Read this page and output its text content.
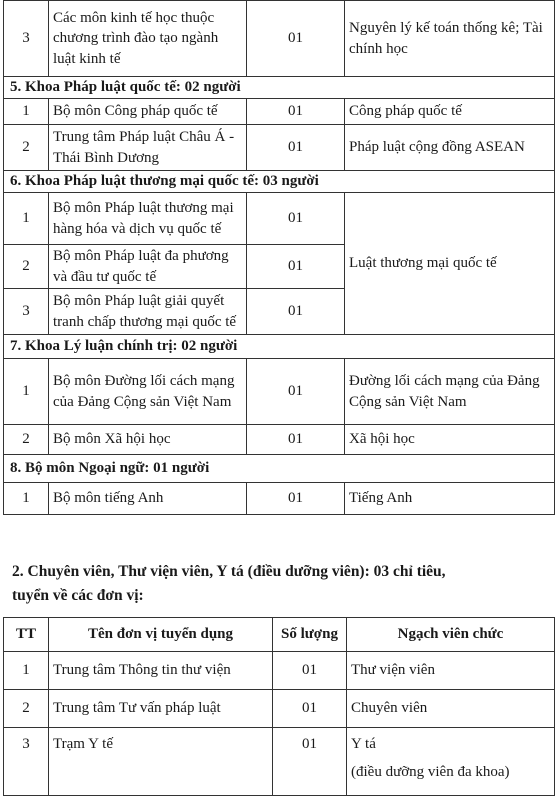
3	Các môn kinh tế học thuộc chương trình đào tạo ngành luật kinh tế	01	Nguyên lý kế toán thống kê; Tài chính học
5. Khoa Pháp luật quốc tế: 02 người			
1	Bộ môn Công pháp quốc tế	01	Công pháp quốc tế
2	Trung tâm Pháp luật Châu Á - Thái Bình Dương	01	Pháp luật cộng đồng ASEAN
6. Khoa Pháp luật thương mại quốc tế: 03 người			
1	Bộ môn Pháp luật thương mại hàng hóa và dịch vụ quốc tế	01	Luật thương mại quốc tế
2	Bộ môn Pháp luật đa phương và đầu tư quốc tế	01	
3	Bộ môn Pháp luật giải quyết tranh chấp thương mại quốc tế	01	
7. Khoa Lý luận chính trị: 02 người			
1	Bộ môn Đường lối cách mạng của Đảng Cộng sản Việt Nam	01	Đường lối cách mạng của Đảng Cộng sản Việt Nam
2	Bộ môn Xã hội học	01	Xã hội học
8. Bộ môn Ngoại ngữ: 01 người			
1	Bộ môn tiếng Anh	01	Tiếng Anh
2. Chuyên viên, Thư viện viên, Y tá (điều dưỡng viên): 03 chỉ tiêu,
tuyển về các đơn vị:
TT	Tên đơn vị tuyển dụng	Số lượng	Ngạch viên chức
1	Trung tâm Thông tin thư viện	01	Thư viện viên
2	Trung tâm Tư vấn pháp luật	01	Chuyên viên
3	Trạm Y tế	01	Y tá
(điều dưỡng viên đa khoa)
